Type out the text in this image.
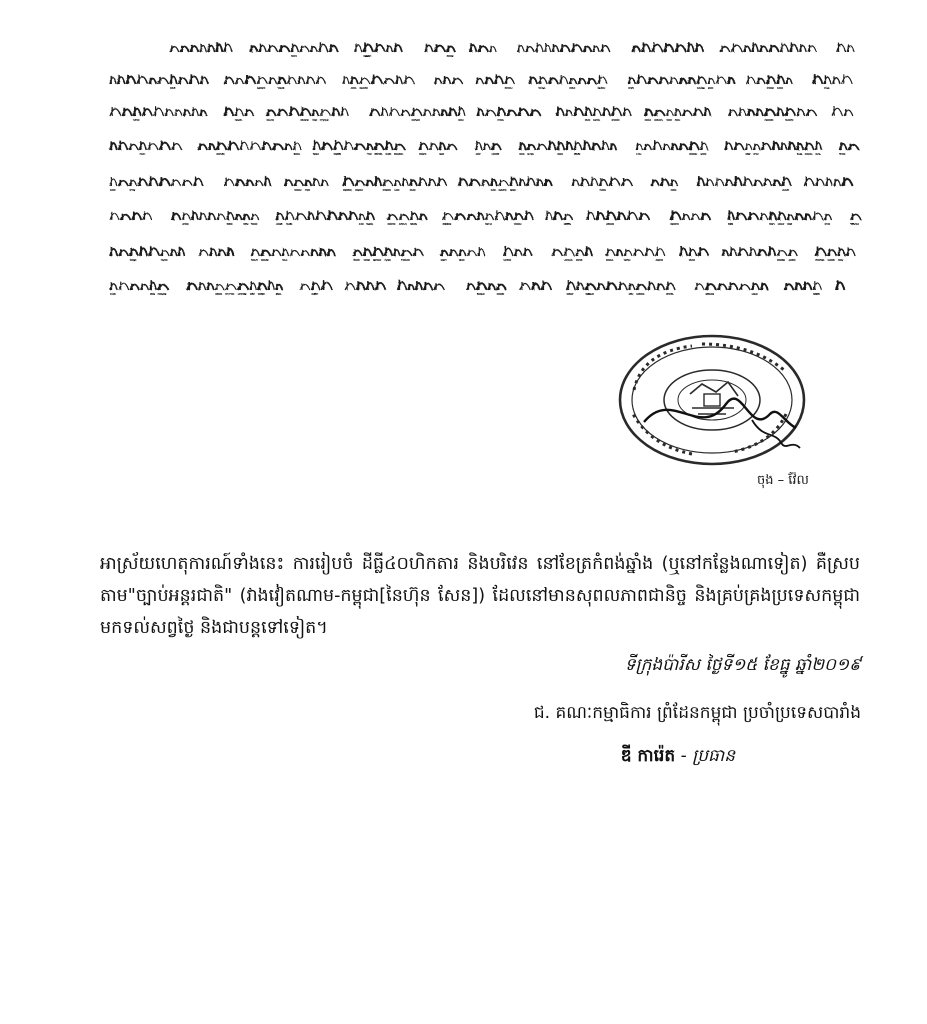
ចុង – វ៉ែល
អាស្រ័យហេតុការណ៍ទាំងនេះ ការរៀបចំ ដីធ្លី៤០ហិកតារ និងបរិវេន នៅខែត្រកំពង់ឆ្នាំង (ឬនៅកន្លែងណាទៀត) គឺស្របតាម"ច្បាប់អន្តរជាតិ" (វាងវៀតណាម-កម្ពុជា[នៃហ៊ុន សែន]) ដែលនៅមានសុពលភាពជានិច្ច និងគ្រប់គ្រងប្រទេសកម្ពុជា មកទល់សព្វថ្ងៃ និងជាបន្តទៅទៀត។
ទីក្រុងប៉ារីស ថ្ងៃទី១៥ ខែធ្នូ ឆ្នាំ២០១៩
ជ. គណៈកម្មាធិការ ព្រំដែនកម្ពុជា ប្រចាំប្រទេសបារាំង
ឌី ការ៉េត - ប្រធាន
